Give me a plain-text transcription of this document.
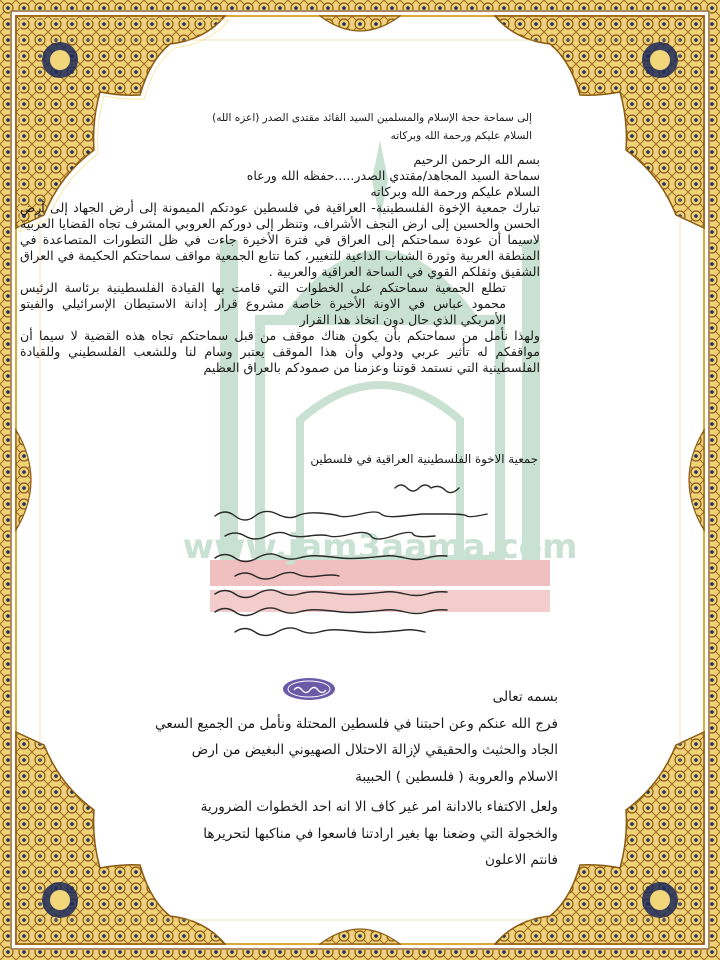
www.jam3aama.com
إلى سماحة حجة الإسلام والمسلمين السيد القائد مقتدى الصدر (اعزه الله)
السلام عليكم ورحمة الله وبركاته

بسم الله الرحمن الرحيم

سماحة السيد المجاهد/مقتدي الصدر.....حفظه الله ورعاه

السلام عليكم ورحمة الله وبركاته

تبارك جمعية الإخوة الفلسطينية- العراقية في فلسطين عودتكم الميمونة إلى أرض الجهاد إلى أرض الحسن والحسين إلى ارض النجف الأشراف، وتنظر إلى دوركم العروبي المشرف تجاه القضايا العربية لاسيما أن عودة سماحتكم إلى العراق في فترة الأخيرة جاءت في ظل التطورات المتصاعدة في المنطقة العربية وثورة الشباب الداعية للتغيير، كما تتابع الجمعية مواقف سماحتكم الحكيمة في العراق الشقيق وثقلكم القوي في الساحة العراقية والعربية .

تطلع الجمعية سماحتكم على الخطوات التي قامت بها القيادة الفلسطينية برئاسة الرئيس محمود عباس في الاونة الأخيرة خاصة مشروع قرار إدانة الاستيطان الإسرائيلي والفيتو الأمريكي الذي حال دون اتخاذ هذا القرار

ولهذا نأمل من سماحتكم بأن يكون هناك موقف من قبل سماحتكم تجاه هذه القضية لا سيما أن مواقفكم له تأثير عربي ودولي وأن هذا الموقف يعتبر وسام لنا وللشعب الفلسطيني وللقيادة الفلسطينية التي نستمد قوتنا وعزمنا من صمودكم بالعراق العظيم

جمعية الاخوة الفلسطينية العراقية في فلسطين

بسمه تعالى

فرج الله عنكم وعن احبتنا في فلسطين المحتلة ونأمل من الجميع السعي

الجاد والحثيث والحقيقي لإزالة الاحتلال الصهيوني البغيض من ارض

الاسلام والعروبة ( فلسطين ) الحبيبة

ولعل الاكتفاء بالادانة امر غير كاف الا انه احد الخطوات الضرورية

والخجولة التي وضعنا بها بغير ارادتنا فاسعوا في مناكبها لتحريرها

فانتم الاعلون
